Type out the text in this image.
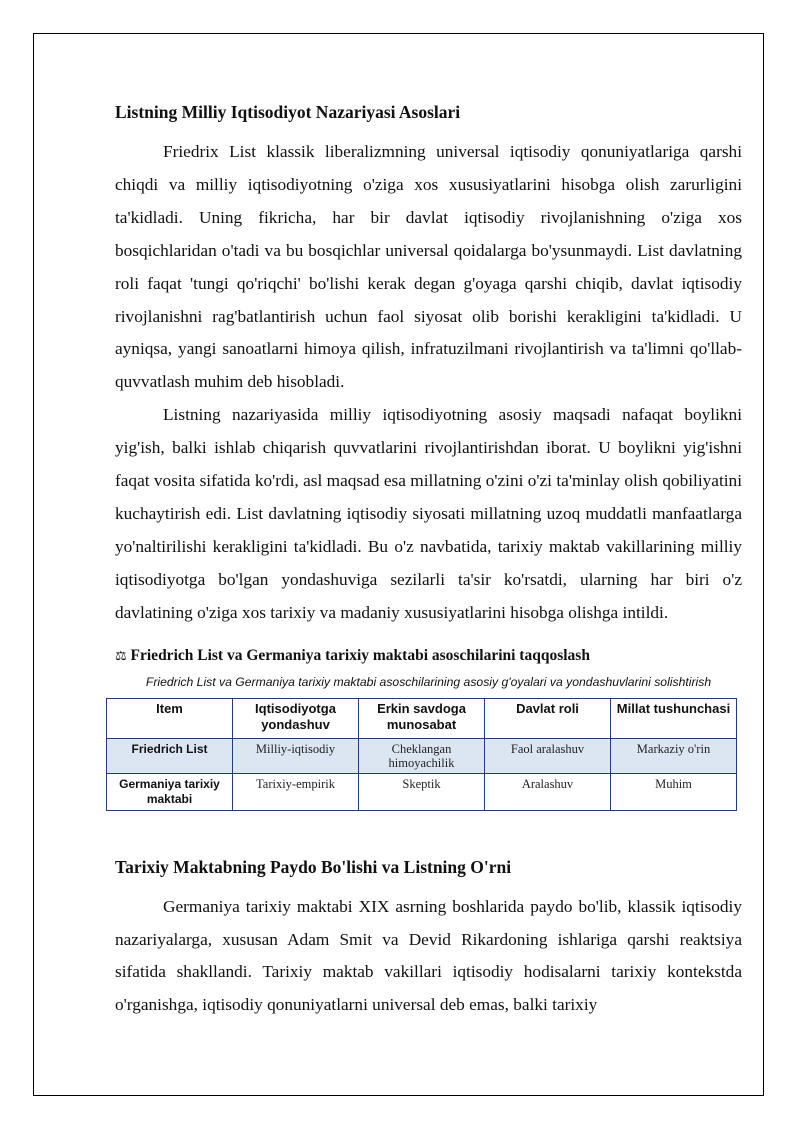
Listning Milliy Iqtisodiyot Nazariyasi Asoslari

Friedrix List klassik liberalizmning universal iqtisodiy qonuniyatlariga qarshi chiqdi va milliy iqtisodiyotning o'ziga xos xususiyatlarini hisobga olish zarurligini ta'kidladi. Uning fikricha, har bir davlat iqtisodiy rivojlanishning o'ziga xos bosqichlaridan o'tadi va bu bosqichlar universal qoidalarga bo'ysunmaydi. List davlatning roli faqat 'tungi qo'riqchi' bo'lishi kerak degan g'oyaga qarshi chiqib, davlat iqtisodiy rivojlanishni rag'batlantirish uchun faol siyosat olib borishi kerakligini ta'kidladi. U ayniqsa, yangi sanoatlarni himoya qilish, infratuzilmani rivojlantirish va ta'limni qo'llab-quvvatlash muhim deb hisobladi.

Listning nazariyasida milliy iqtisodiyotning asosiy maqsadi nafaqat boylikni yig'ish, balki ishlab chiqarish quvvatlarini rivojlantirishdan iborat. U boylikni yig'ishni faqat vosita sifatida ko'rdi, asl maqsad esa millatning o'zini o'zi ta'minlay olish qobiliyatini kuchaytirish edi. List davlatning iqtisodiy siyosati millatning uzoq muddatli manfaatlarga yo'naltirilishi kerakligini ta'kidladi. Bu o'z navbatida, tarixiy maktab vakillarining milliy iqtisodiyotga bo'lgan yondashuviga sezilarli ta'sir ko'rsatdi, ularning har biri o'z davlatining o'ziga xos tarixiy va madaniy xususiyatlarini hisobga olishga intildi.

⚖ Friedrich List va Germaniya tarixiy maktabi asoschilarini taqqoslash
Friedrich List va Germaniya tarixiy maktabi asoschilarining asosiy g'oyalari va yondashuvlarini solishtirish
Item	Iqtisodiyotga yondashuv	Erkin savdoga munosabat	Davlat roli	Millat tushunchasi
Friedrich List	Milliy-iqtisodiy	Cheklangan himoyachilik	Faol aralashuv	Markaziy o'rin
Germaniya tarixiy maktabi	Tarixiy-empirik	Skeptik	Aralashuv	Muhim
Tarixiy Maktabning Paydo Bo'lishi va Listning O'rni

Germaniya tarixiy maktabi XIX asrning boshlarida paydo bo'lib, klassik iqtisodiy nazariyalarga, xususan Adam Smit va Devid Rikardoning ishlariga qarshi reaktsiya sifatida shakllandi. Tarixiy maktab vakillari iqtisodiy hodisalarni tarixiy kontekstda o'rganishga, iqtisodiy qonuniyatlarni universal deb emas, balki tarixiy
